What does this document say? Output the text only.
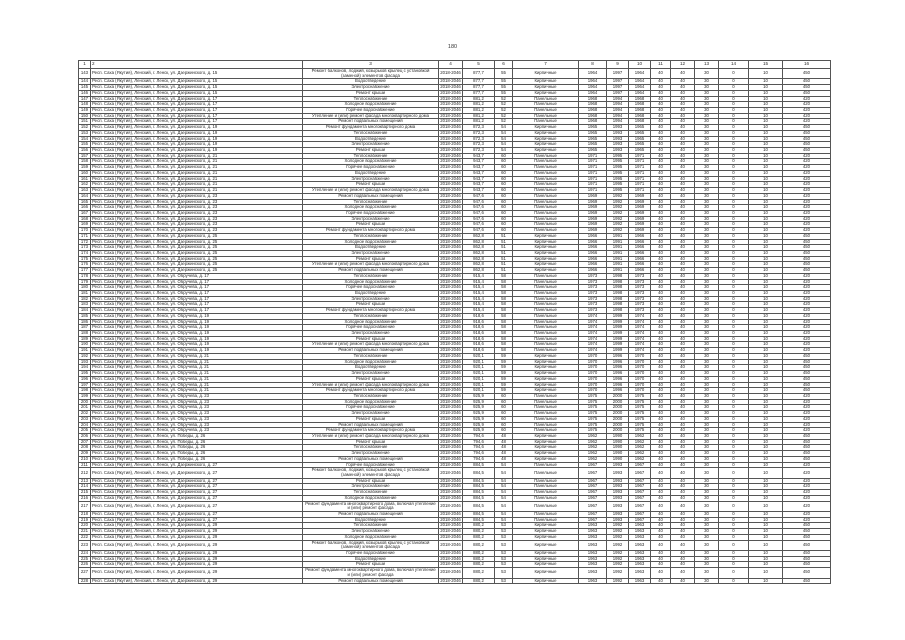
180
1	2	3	4	5	6	7	8	9	10	11	12	13	14	15	16
143	Респ. Саха (Якутия), Ленский, г. Ленск, ул. Дзержинского, д. 15	Ремонт балконов, лоджий, козырьков крылец с установкой (заменой) элементов фасада	2018-2046	877,7	55	Кирпичные	1964	1997	1964	40	40	30	0	10	450
144	Респ. Саха (Якутия), Ленский, г. Ленск, ул. Дзержинского, д. 15	Водоотведение	2018-2046	877,7	55	Кирпичные	1964	1997	1964	40	40	30	0	10	450
145	Респ. Саха (Якутия), Ленский, г. Ленск, ул. Дзержинского, д. 15	Электроснабжение	2018-2046	877,7	55	Кирпичные	1964	1997	1964	40	40	30	0	10	450
146	Респ. Саха (Якутия), Ленский, г. Ленск, ул. Дзержинского, д. 15	Ремонт крыши	2018-2046	877,7	55	Кирпичные	1964	1997	1964	40	40	30	0	10	450
147	Респ. Саха (Якутия), Ленский, г. Ленск, ул. Дзержинского, д. 17	Теплоснабжение	2018-2046	881,2	52	Панельные	1968	1994	1968	40	40	30	0	10	420
148	Респ. Саха (Якутия), Ленский, г. Ленск, ул. Дзержинского, д. 17	Холодное водоснабжение	2018-2046	881,2	52	Панельные	1968	1994	1968	40	40	30	0	10	420
149	Респ. Саха (Якутия), Ленский, г. Ленск, ул. Дзержинского, д. 17	Горячее водоснабжение	2018-2046	881,2	52	Панельные	1968	1994	1968	40	40	30	0	10	420
150	Респ. Саха (Якутия), Ленский, г. Ленск, ул. Дзержинского, д. 17	Утепление и (или) ремонт фасада многоквартирного дома	2018-2046	881,2	52	Панельные	1968	1994	1968	40	40	30	0	10	420
151	Респ. Саха (Якутия), Ленский, г. Ленск, ул. Дзержинского, д. 17	Ремонт подвальных помещений	2018-2046	881,2	52	Панельные	1968	1994	1968	40	40	30	0	10	420
152	Респ. Саха (Якутия), Ленский, г. Ленск, ул. Дзержинского, д. 19	Ремонт фундамента многоквартирного дома	2018-2046	872,3	54	Кирпичные	1965	1993	1965	40	40	30	0	10	450
153	Респ. Саха (Якутия), Ленский, г. Ленск, ул. Дзержинского, д. 19	Теплоснабжение	2018-2046	872,3	54	Кирпичные	1965	1993	1965	40	40	30	0	10	450
154	Респ. Саха (Якутия), Ленский, г. Ленск, ул. Дзержинского, д. 19	Водоотведение	2018-2046	872,3	54	Кирпичные	1965	1993	1965	40	40	30	0	10	450
155	Респ. Саха (Якутия), Ленский, г. Ленск, ул. Дзержинского, д. 19	Электроснабжение	2018-2046	872,3	54	Кирпичные	1965	1993	1965	40	40	30	0	10	450
156	Респ. Саха (Якутия), Ленский, г. Ленск, ул. Дзержинского, д. 19	Ремонт крыши	2018-2046	872,3	54	Кирпичные	1965	1993	1965	40	40	30	0	10	450
157	Респ. Саха (Якутия), Ленский, г. Ленск, ул. Дзержинского, д. 21	Теплоснабжение	2018-2046	943,7	60	Панельные	1971	1995	1971	40	40	30	0	10	420
158	Респ. Саха (Якутия), Ленский, г. Ленск, ул. Дзержинского, д. 21	Холодное водоснабжение	2018-2046	943,7	60	Панельные	1971	1995	1971	40	40	30	0	10	420
159	Респ. Саха (Якутия), Ленский, г. Ленск, ул. Дзержинского, д. 21	Горячее водоснабжение	2018-2046	943,7	60	Панельные	1971	1995	1971	40	40	30	0	10	420
160	Респ. Саха (Якутия), Ленский, г. Ленск, ул. Дзержинского, д. 21	Водоотведение	2018-2046	943,7	60	Панельные	1971	1995	1971	40	40	30	0	10	420
161	Респ. Саха (Якутия), Ленский, г. Ленск, ул. Дзержинского, д. 21	Электроснабжение	2018-2046	943,7	60	Панельные	1971	1995	1971	40	40	30	0	10	420
162	Респ. Саха (Якутия), Ленский, г. Ленск, ул. Дзержинского, д. 21	Ремонт крыши	2018-2046	943,7	60	Панельные	1971	1995	1971	40	40	30	0	10	420
163	Респ. Саха (Якутия), Ленский, г. Ленск, ул. Дзержинского, д. 21	Утепление и (или) ремонт фасада многоквартирного дома	2018-2046	943,7	60	Панельные	1971	1995	1971	40	40	30	0	10	420
164	Респ. Саха (Якутия), Ленский, г. Ленск, ул. Дзержинского, д. 23	Ремонт подвальных помещений	2018-2046	947,6	60	Панельные	1969	1992	1969	40	40	30	0	10	420
165	Респ. Саха (Якутия), Ленский, г. Ленск, ул. Дзержинского, д. 23	Теплоснабжение	2018-2046	947,6	60	Панельные	1969	1992	1969	40	40	30	0	10	420
166	Респ. Саха (Якутия), Ленский, г. Ленск, ул. Дзержинского, д. 23	Холодное водоснабжение	2018-2046	947,6	60	Панельные	1969	1992	1969	40	40	30	0	10	420
167	Респ. Саха (Якутия), Ленский, г. Ленск, ул. Дзержинского, д. 23	Горячее водоснабжение	2018-2046	947,6	60	Панельные	1969	1992	1969	40	40	30	0	10	420
168	Респ. Саха (Якутия), Ленский, г. Ленск, ул. Дзержинского, д. 23	Электроснабжение	2018-2046	947,6	60	Панельные	1969	1992	1969	40	40	30	0	10	420
169	Респ. Саха (Якутия), Ленский, г. Ленск, ул. Дзержинского, д. 23	Ремонт крыши	2018-2046	947,6	60	Панельные	1969	1992	1969	40	40	30	0	10	420
170	Респ. Саха (Якутия), Ленский, г. Ленск, ул. Дзержинского, д. 23	Ремонт фундамента многоквартирного дома	2018-2046	947,6	60	Панельные	1969	1992	1969	40	40	30	0	10	420
171	Респ. Саха (Якутия), Ленский, г. Ленск, ул. Дзержинского, д. 25	Теплоснабжение	2018-2046	862,8	51	Кирпичные	1966	1991	1966	40	40	30	0	10	450
172	Респ. Саха (Якутия), Ленский, г. Ленск, ул. Дзержинского, д. 25	Холодное водоснабжение	2018-2046	862,8	51	Кирпичные	1966	1991	1966	40	40	30	0	10	450
173	Респ. Саха (Якутия), Ленский, г. Ленск, ул. Дзержинского, д. 25	Водоотведение	2018-2046	862,8	51	Кирпичные	1966	1991	1966	40	40	30	0	10	450
174	Респ. Саха (Якутия), Ленский, г. Ленск, ул. Дзержинского, д. 25	Электроснабжение	2018-2046	862,8	51	Кирпичные	1966	1991	1966	40	40	30	0	10	450
175	Респ. Саха (Якутия), Ленский, г. Ленск, ул. Дзержинского, д. 25	Ремонт крыши	2018-2046	862,8	51	Кирпичные	1966	1991	1966	40	40	30	0	10	450
176	Респ. Саха (Якутия), Ленский, г. Ленск, ул. Дзержинского, д. 25	Утепление и (или) ремонт фасада многоквартирного дома	2018-2046	862,8	51	Кирпичные	1966	1991	1966	40	40	30	0	10	450
177	Респ. Саха (Якутия), Ленский, г. Ленск, ул. Дзержинского, д. 25	Ремонт подвальных помещений	2018-2046	862,8	51	Кирпичные	1966	1991	1966	40	40	30	0	10	450
178	Респ. Саха (Якутия), Ленский, г. Ленск, ул. Обручева, д. 17	Теплоснабжение	2018-2046	915,4	58	Панельные	1973	1998	1973	40	40	30	0	10	420
179	Респ. Саха (Якутия), Ленский, г. Ленск, ул. Обручева, д. 17	Холодное водоснабжение	2018-2046	915,4	58	Панельные	1973	1998	1973	40	40	30	0	10	420
180	Респ. Саха (Якутия), Ленский, г. Ленск, ул. Обручева, д. 17	Горячее водоснабжение	2018-2046	915,4	58	Панельные	1973	1998	1973	40	40	30	0	10	420
181	Респ. Саха (Якутия), Ленский, г. Ленск, ул. Обручева, д. 17	Водоотведение	2018-2046	915,4	58	Панельные	1973	1998	1973	40	40	30	0	10	420
182	Респ. Саха (Якутия), Ленский, г. Ленск, ул. Обручева, д. 17	Электроснабжение	2018-2046	915,4	58	Панельные	1973	1998	1973	40	40	30	0	10	420
183	Респ. Саха (Якутия), Ленский, г. Ленск, ул. Обручева, д. 17	Ремонт крыши	2018-2046	915,4	58	Панельные	1973	1998	1973	40	40	30	0	10	420
184	Респ. Саха (Якутия), Ленский, г. Ленск, ул. Обручева, д. 17	Ремонт фундамента многоквартирного дома	2018-2046	915,4	58	Панельные	1973	1998	1973	40	40	30	0	10	420
185	Респ. Саха (Якутия), Ленский, г. Ленск, ул. Обручева, д. 19	Теплоснабжение	2018-2046	918,6	58	Панельные	1974	1999	1974	40	40	30	0	10	420
186	Респ. Саха (Якутия), Ленский, г. Ленск, ул. Обручева, д. 19	Холодное водоснабжение	2018-2046	918,6	58	Панельные	1974	1999	1974	40	40	30	0	10	420
187	Респ. Саха (Якутия), Ленский, г. Ленск, ул. Обручева, д. 19	Горячее водоснабжение	2018-2046	918,6	58	Панельные	1974	1999	1974	40	40	30	0	10	420
188	Респ. Саха (Якутия), Ленский, г. Ленск, ул. Обручева, д. 19	Электроснабжение	2018-2046	918,6	58	Панельные	1974	1999	1974	40	40	30	0	10	420
189	Респ. Саха (Якутия), Ленский, г. Ленск, ул. Обручева, д. 19	Ремонт крыши	2018-2046	918,6	58	Панельные	1974	1999	1974	40	40	30	0	10	420
190	Респ. Саха (Якутия), Ленский, г. Ленск, ул. Обручева, д. 19	Утепление и (или) ремонт фасада многоквартирного дома	2018-2046	918,6	58	Панельные	1974	1999	1974	40	40	30	0	10	420
191	Респ. Саха (Якутия), Ленский, г. Ленск, ул. Обручева, д. 19	Ремонт подвальных помещений	2018-2046	918,6	58	Панельные	1974	1999	1974	40	40	30	0	10	420
192	Респ. Саха (Якутия), Ленский, г. Ленск, ул. Обручева, д. 21	Теплоснабжение	2018-2046	920,1	59	Кирпичные	1970	1996	1970	40	40	30	0	10	450
193	Респ. Саха (Якутия), Ленский, г. Ленск, ул. Обручева, д. 21	Холодное водоснабжение	2018-2046	920,1	59	Кирпичные	1970	1996	1970	40	40	30	0	10	450
194	Респ. Саха (Якутия), Ленский, г. Ленск, ул. Обручева, д. 21	Водоотведение	2018-2046	920,1	59	Кирпичные	1970	1996	1970	40	40	30	0	10	450
195	Респ. Саха (Якутия), Ленский, г. Ленск, ул. Обручева, д. 21	Электроснабжение	2018-2046	920,1	59	Кирпичные	1970	1996	1970	40	40	30	0	10	450
196	Респ. Саха (Якутия), Ленский, г. Ленск, ул. Обручева, д. 21	Ремонт крыши	2018-2046	920,1	59	Кирпичные	1970	1996	1970	40	40	30	0	10	450
197	Респ. Саха (Якутия), Ленский, г. Ленск, ул. Обручева, д. 21	Утепление и (или) ремонт фасада многоквартирного дома	2018-2046	920,1	59	Кирпичные	1970	1996	1970	40	40	30	0	10	450
198	Респ. Саха (Якутия), Ленский, г. Ленск, ул. Обручева, д. 21	Ремонт фундамента многоквартирного дома	2018-2046	920,1	59	Кирпичные	1970	1996	1970	40	40	30	0	10	450
199	Респ. Саха (Якутия), Ленский, г. Ленск, ул. Обручева, д. 23	Теплоснабжение	2018-2046	925,9	60	Панельные	1975	2000	1975	40	40	30	0	10	420
200	Респ. Саха (Якутия), Ленский, г. Ленск, ул. Обручева, д. 23	Холодное водоснабжение	2018-2046	925,9	60	Панельные	1975	2000	1975	40	40	30	0	10	420
201	Респ. Саха (Якутия), Ленский, г. Ленск, ул. Обручева, д. 23	Горячее водоснабжение	2018-2046	925,9	60	Панельные	1975	2000	1975	40	40	30	0	10	420
202	Респ. Саха (Якутия), Ленский, г. Ленск, ул. Обручева, д. 23	Электроснабжение	2018-2046	925,9	60	Панельные	1975	2000	1975	40	40	30	0	10	420
203	Респ. Саха (Якутия), Ленский, г. Ленск, ул. Обручева, д. 23	Ремонт крыши	2018-2046	925,9	60	Панельные	1975	2000	1975	40	40	30	0	10	420
204	Респ. Саха (Якутия), Ленский, г. Ленск, ул. Обручева, д. 23	Ремонт подвальных помещений	2018-2046	925,9	60	Панельные	1975	2000	1975	40	40	30	0	10	420
205	Респ. Саха (Якутия), Ленский, г. Ленск, ул. Обручева, д. 23	Ремонт фундамента многоквартирного дома	2018-2046	925,9	60	Панельные	1975	2000	1975	40	40	30	0	10	420
206	Респ. Саха (Якутия), Ленский, г. Ленск, ул. Победы, д. 26	Утепление и (или) ремонт фасада многоквартирного дома	2018-2046	794,6	48	Кирпичные	1962	1990	1962	40	40	30	0	10	450
207	Респ. Саха (Якутия), Ленский, г. Ленск, ул. Победы, д. 26	Ремонт крыши	2018-2046	794,6	48	Кирпичные	1962	1990	1962	40	40	30	0	10	450
208	Респ. Саха (Якутия), Ленский, г. Ленск, ул. Победы, д. 26	Теплоснабжение	2018-2046	794,6	48	Кирпичные	1962	1990	1962	40	40	30	0	10	450
209	Респ. Саха (Якутия), Ленский, г. Ленск, ул. Победы, д. 26	Электроснабжение	2018-2046	794,6	48	Кирпичные	1962	1990	1962	40	40	30	0	10	450
210	Респ. Саха (Якутия), Ленский, г. Ленск, ул. Победы, д. 26	Ремонт подвальных помещений	2018-2046	794,6	48	Кирпичные	1962	1990	1962	40	40	30	0	10	450
211	Респ. Саха (Якутия), Ленский, г. Ленск, ул. Дзержинского, д. 27	Горячее водоснабжение	2018-2046	884,5	54	Панельные	1967	1993	1967	40	40	30	0	10	420
212	Респ. Саха (Якутия), Ленский, г. Ленск, ул. Дзержинского, д. 27	Ремонт балконов, лоджий, козырьков крылец с установкой (заменой) элементов фасада	2018-2046	884,5	54	Панельные	1967	1993	1967	40	40	30	0	10	420
213	Респ. Саха (Якутия), Ленский, г. Ленск, ул. Дзержинского, д. 27	Ремонт крыши	2018-2046	884,5	54	Панельные	1967	1993	1967	40	40	30	0	10	420
214	Респ. Саха (Якутия), Ленский, г. Ленск, ул. Дзержинского, д. 27	Электроснабжение	2018-2046	884,5	54	Панельные	1967	1993	1967	40	40	30	0	10	420
215	Респ. Саха (Якутия), Ленский, г. Ленск, ул. Дзержинского, д. 27	Теплоснабжение	2018-2046	884,5	54	Панельные	1967	1993	1967	40	40	30	0	10	420
216	Респ. Саха (Якутия), Ленский, г. Ленск, ул. Дзержинского, д. 27	Холодное водоснабжение	2018-2046	884,5	54	Панельные	1967	1993	1967	40	40	30	0	10	420
217	Респ. Саха (Якутия), Ленский, г. Ленск, ул. Дзержинского, д. 27	Ремонт фундамента многоквартирного дома, включая утепление и (или) ремонт фасада	2018-2046	884,5	54	Панельные	1967	1993	1967	40	40	30	0	10	420
218	Респ. Саха (Якутия), Ленский, г. Ленск, ул. Дзержинского, д. 27	Ремонт подвальных помещений	2018-2046	884,5	54	Панельные	1967	1993	1967	40	40	30	0	10	420
219	Респ. Саха (Якутия), Ленский, г. Ленск, ул. Дзержинского, д. 27	Водоотведение	2018-2046	884,5	54	Панельные	1967	1993	1967	40	40	30	0	10	420
220	Респ. Саха (Якутия), Ленский, г. Ленск, ул. Дзержинского, д. 29	Теплоснабжение	2018-2046	880,2	53	Кирпичные	1963	1992	1963	40	40	30	0	10	450
221	Респ. Саха (Якутия), Ленский, г. Ленск, ул. Дзержинского, д. 29	Электроснабжение	2018-2046	880,2	53	Кирпичные	1963	1992	1963	40	40	30	0	10	450
222	Респ. Саха (Якутия), Ленский, г. Ленск, ул. Дзержинского, д. 29	Холодное водоснабжение	2018-2046	880,2	53	Кирпичные	1963	1992	1963	40	40	30	0	10	450
223	Респ. Саха (Якутия), Ленский, г. Ленск, ул. Дзержинского, д. 29	Ремонт балконов, лоджий, козырьков крылец с установкой (заменой) элементов фасада	2018-2046	880,2	53	Кирпичные	1963	1992	1963	40	40	30	0	10	450
224	Респ. Саха (Якутия), Ленский, г. Ленск, ул. Дзержинского, д. 29	Горячее водоснабжение	2018-2046	880,2	53	Кирпичные	1963	1992	1963	40	40	30	0	10	450
225	Респ. Саха (Якутия), Ленский, г. Ленск, ул. Дзержинского, д. 29	Водоотведение	2018-2046	880,2	53	Кирпичные	1963	1992	1963	40	40	30	0	10	450
226	Респ. Саха (Якутия), Ленский, г. Ленск, ул. Дзержинского, д. 29	Ремонт крыши	2018-2046	880,2	53	Кирпичные	1963	1992	1963	40	40	30	0	10	450
227	Респ. Саха (Якутия), Ленский, г. Ленск, ул. Дзержинского, д. 29	Ремонт фундамента многоквартирного дома, включая утепление и (или) ремонт фасада	2018-2046	880,2	53	Кирпичные	1963	1992	1963	40	40	30	0	10	450
228	Респ. Саха (Якутия), Ленский, г. Ленск, ул. Дзержинского, д. 29	Ремонт подвальных помещений	2018-2046	880,2	53	Кирпичные	1963	1992	1963	40	40	30	0	10	450
